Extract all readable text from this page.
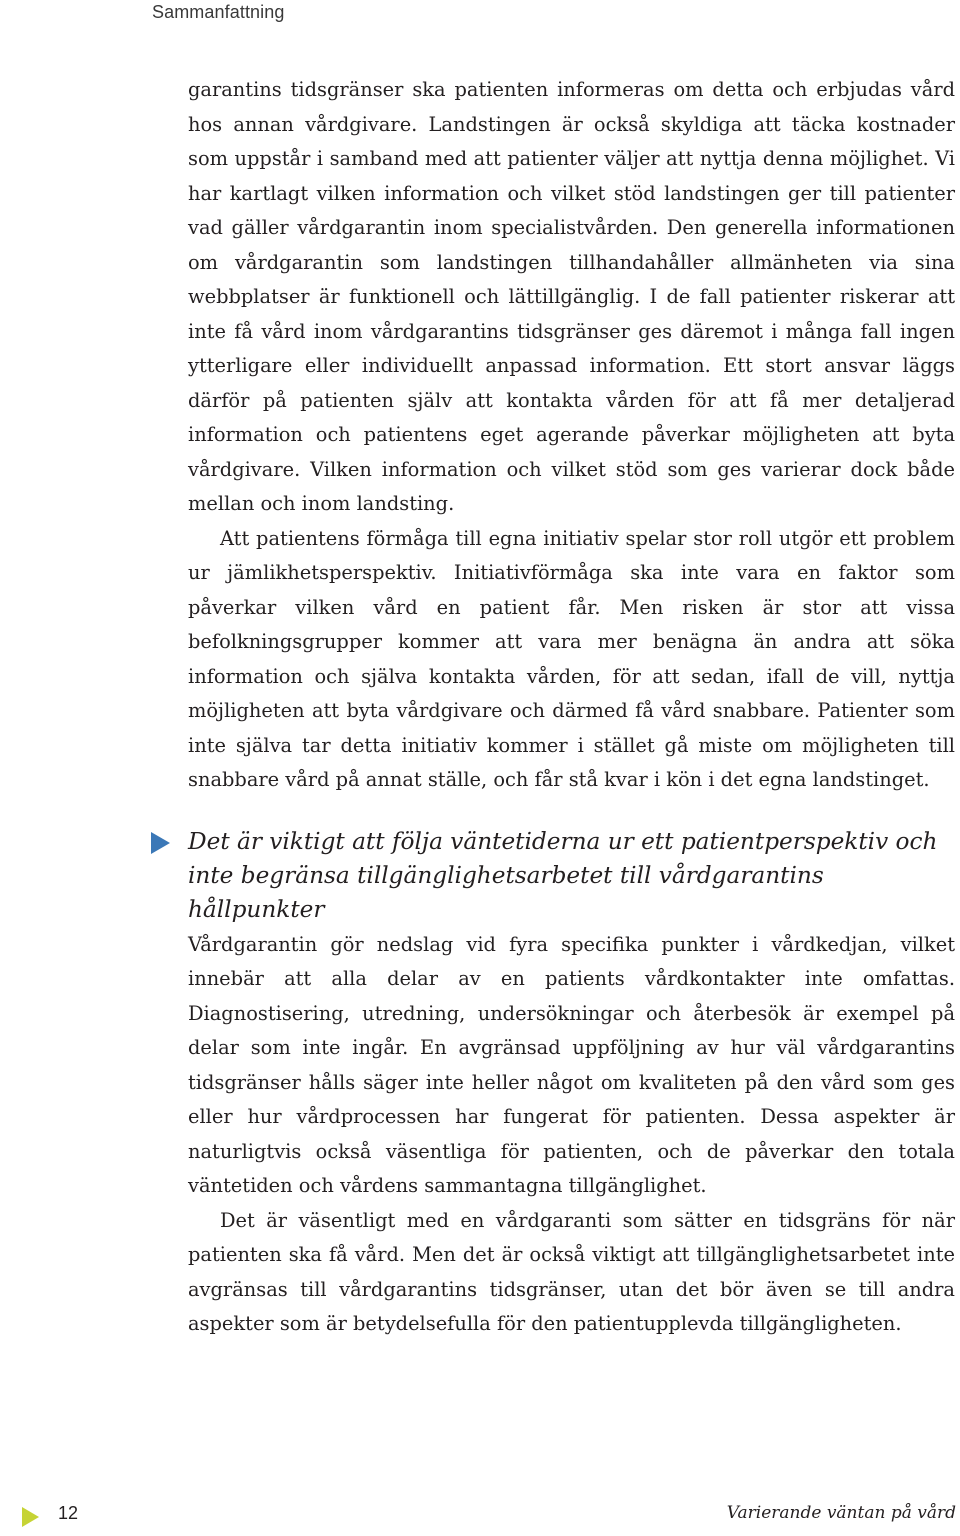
Sammanfattning

garantins tidsgränser ska patienten informeras om detta och erbjudas vård hos annan vårdgivare. Landstingen är också skyldiga att täcka kostnader som uppstår i samband med att patienter väljer att nyttja denna möjlighet. Vi har kartlagt vilken information och vilket stöd landstingen ger till patienter vad gäller vårdgarantin inom specialistvården. Den generella informationen om vårdgarantin som landstingen tillhandahåller allmänheten via sina webbplatser är funktionell och lättillgänglig. I de fall patienter riskerar att inte få vård inom vårdgarantins tidsgränser ges däremot i många fall ingen ytterligare eller individuellt anpassad information. Ett stort ansvar läggs därför på patienten själv att kontakta vården för att få mer detaljerad information och patientens eget agerande påverkar möjligheten att byta vårdgivare. Vilken information och vilket stöd som ges varierar dock både mellan och inom landsting.

Att patientens förmåga till egna initiativ spelar stor roll utgör ett problem ur jämlikhetsperspektiv. Initiativförmåga ska inte vara en faktor som påverkar vilken vård en patient får. Men risken är stor att vissa befolkningsgrupper kommer att vara mer benägna än andra att söka information och själva kontakta vården, för att sedan, ifall de vill, nyttja möjligheten att byta vårdgivare och därmed få vård snabbare. Patienter som inte själva tar detta initiativ kommer i stället gå miste om möjligheten till snabbare vård på annat ställe, och får stå kvar i kön i det egna landstinget.

Det är viktigt att följa väntetiderna ur ett patientperspektiv och inte begränsa tillgänglighetsarbetet till vårdgarantins hållpunkter

Vårdgarantin gör nedslag vid fyra specifika punkter i vårdkedjan, vilket innebär att alla delar av en patients vårdkontakter inte omfattas. Diagnostisering, utredning, undersökningar och återbesök är exempel på delar som inte ingår. En avgränsad uppföljning av hur väl vårdgarantins tidsgränser hålls säger inte heller något om kvaliteten på den vård som ges eller hur vårdprocessen har fungerat för patienten. Dessa aspekter är naturligtvis också väsentliga för patienten, och de påverkar den totala väntetiden och vårdens sammantagna tillgänglighet.

Det är väsentligt med en vårdgaranti som sätter en tidsgräns för när patienten ska få vård. Men det är också viktigt att tillgänglighetsarbetet inte avgränsas till vårdgarantins tidsgränser, utan det bör även se till andra aspekter som är betydelsefulla för den patientupplevda tillgängligheten.

12	Varierande väntan på vård
